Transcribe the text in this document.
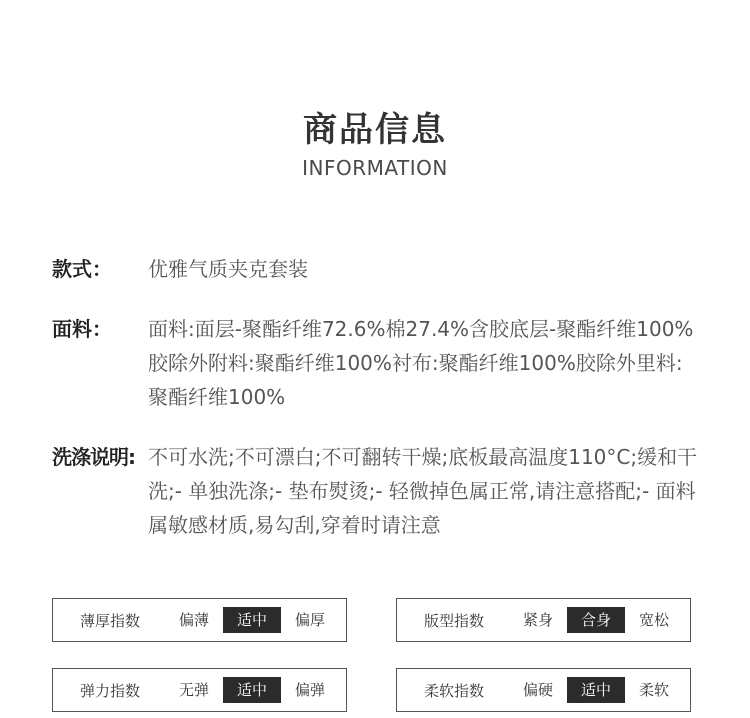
商品信息
INFORMATION
款式：	优雅气质夹克套装
面料：	面料:面层-聚酯纤维72.6%棉27.4%含胶底层-聚酯纤维100%胶除外附料:聚酯纤维100%衬布:聚酯纤维100%胶除外里料:聚酯纤维100%
洗涤说明: 不可水洗;不可漂白;不可翻转干燥;底板最高温度110°C;缓和干洗;- 单独洗涤;- 垫布熨烫;- 轻微掉色属正常,请注意搭配;- 面料属敏感材质,易勾刮,穿着时请注意
薄厚指数	偏薄	适中	偏厚	版型指数	紧身	合身	宽松
弹力指数	无弹	适中	偏弹	柔软指数	偏硬	适中	柔软
